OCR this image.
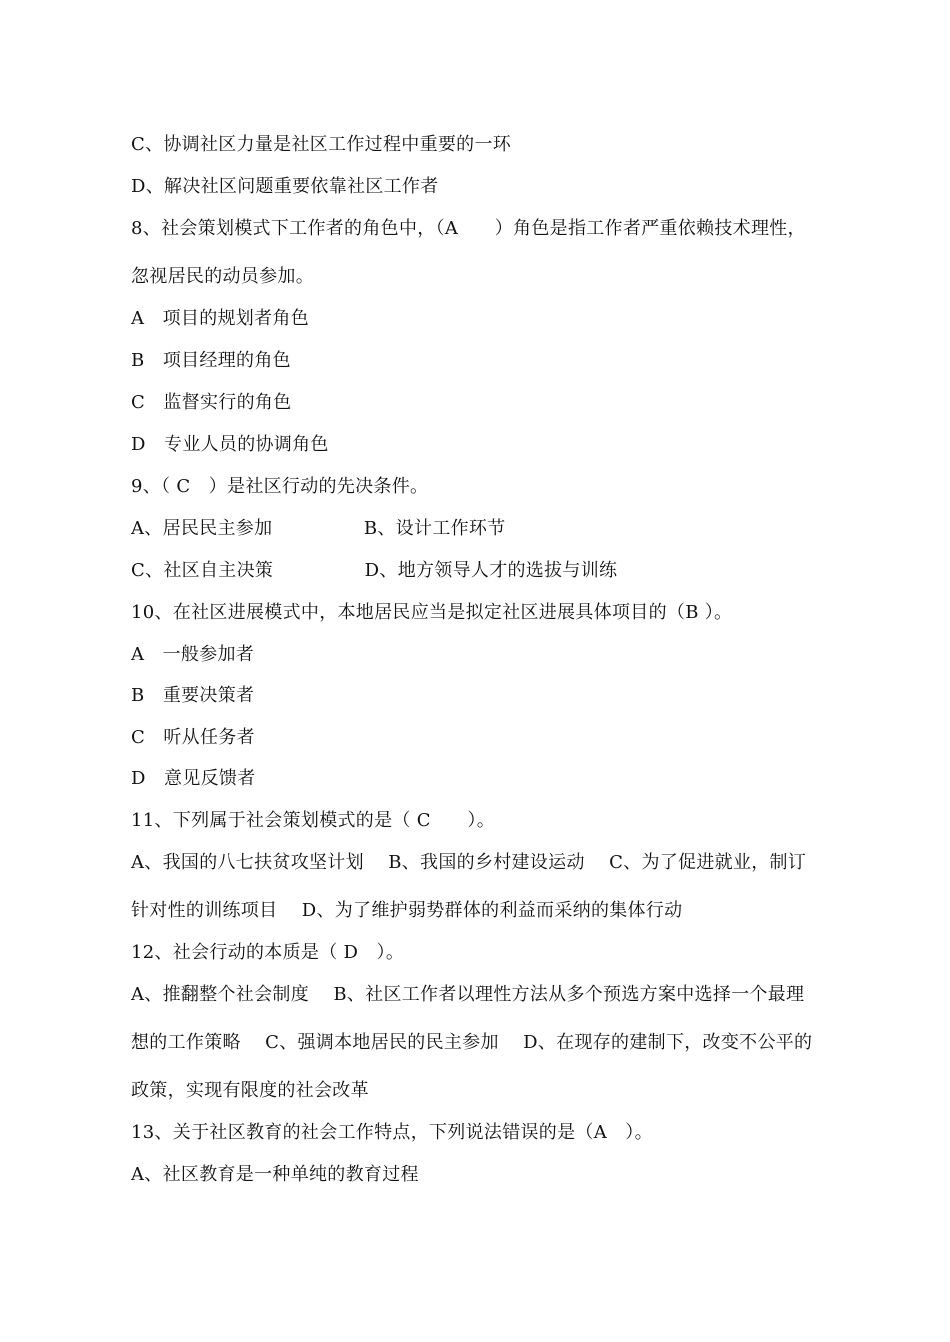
C、协调社区力量是社区工作过程中重要的一环
D、解决社区问题重要依靠社区工作者
8、社会策划模式下工作者的角色中，（A　　）角色是指工作者严重依赖技术理性，
忽视居民的动员参加。
A　项目的规划者角色
B　项目经理的角色
C　监督实行的角色
D　专业人员的协调角色
9、（ C　）是社区行动的先决条件。
A、居民民主参加　　　　　B、设计工作环节
C、社区自主决策　　　　　D、地方领导人才的选拔与训练
10、在社区进展模式中，本地居民应当是拟定社区进展具体项目的（B ）。
A　一般参加者
B　重要决策者
C　听从任务者
D　意见反馈者
11、下列属于社会策划模式的是（ C　　）。
A、我国的八七扶贫攻坚计划　 B、我国的乡村建设运动　 C、为了促进就业，制订
针对性的训练项目　 D、为了维护弱势群体的利益而采纳的集体行动
12、社会行动的本质是（ D　）。
A、推翻整个社会制度　 B、社区工作者以理性方法从多个预选方案中选择一个最理
想的工作策略　 C、强调本地居民的民主参加　 D、在现存的建制下，改变不公平的
政策，实现有限度的社会改革
13、关于社区教育的社会工作特点，下列说法错误的是（A　）。
A、社区教育是一种单纯的教育过程
